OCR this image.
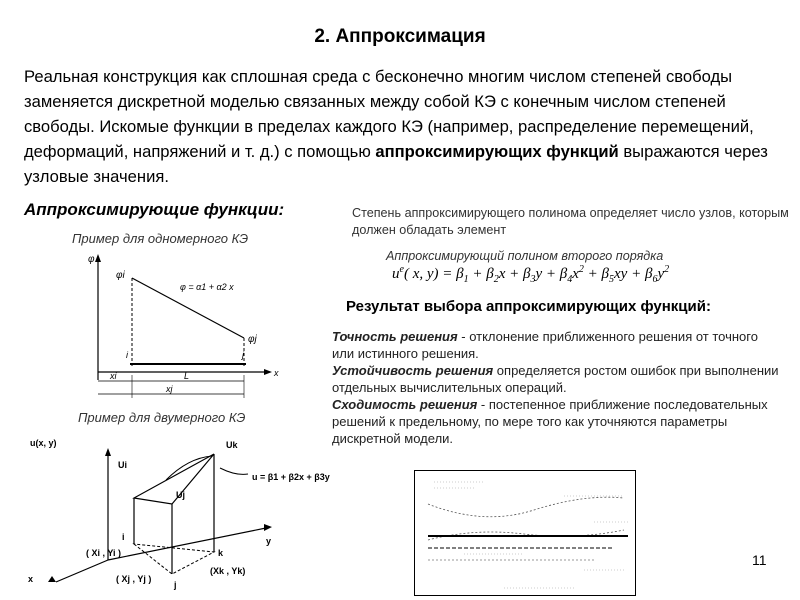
2. Аппроксимация

Реальная конструкция как сплошная среда с бесконечно многим числом степеней свободы заменяется дискретной моделью связанных между собой КЭ с конечным числом степеней свободы. Искомые функции в пределах каждого КЭ (например, распределение перемещений, деформаций, напряжений и т. д.) с помощью аппроксимирующих функций выражаются через узловые значения.

Аппроксимирующие функции:
Пример для одномерного КЭ
Пример для двумерного КЭ

Степень аппроксимирующего полинома определяет число узлов, которым должен обладать элемент

Аппроксимирующий полином второго порядка
$u^e$( x, $y) = \beta_1 + \beta_2x + \beta_3y + \beta_4x^2 + \beta_5xy + \beta_6y^2$
Результат выбора аппроксимирующих функций:

Точность решения - отклонение приближенного решения от точного или истинного решения.
Устойчивость решения определяется ростом ошибок при выполнении отдельных вычислительных операций.
Сходимость решения - постепенное приближение последовательных решений к предельному, по мере того как уточняются параметры дискретной модели.

φ
φi
φj
φ = α1 + α2 x
i	j
x
xi	L
xj
u(x, y)
Ui
Uj
Uk
u = β1 + β2x + β3y
y
x
i
j
k
( Xi , Yi )
( Xj , Yj )
(Xk , Yk)
11
